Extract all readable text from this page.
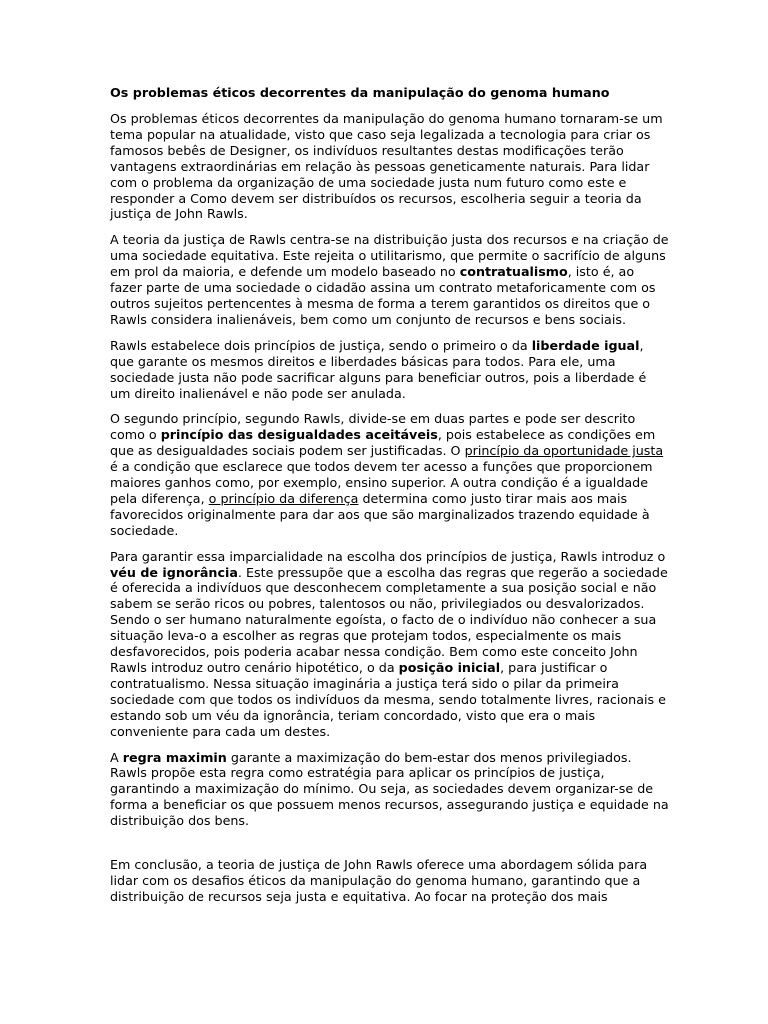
Os problemas éticos decorrentes da manipulação do genoma humano

Os problemas éticos decorrentes da manipulação do genoma humano tornaram-se um tema popular na atualidade, visto que caso seja legalizada a tecnologia para criar os famosos bebês de Designer, os indivíduos resultantes destas modificações terão vantagens extraordinárias em relação às pessoas geneticamente naturais. Para lidar com o problema da organização de uma sociedade justa num futuro como este e responder a Como devem ser distribuídos os recursos, escolheria seguir a teoria da justiça de John Rawls.

A teoria da justiça de Rawls centra-se na distribuição justa dos recursos e na criação de uma sociedade equitativa. Este rejeita o utilitarismo, que permite o sacrifício de alguns em prol da maioria, e defende um modelo baseado no contratualismo, isto é, ao fazer parte de uma sociedade o cidadão assina um contrato metaforicamente com os outros sujeitos pertencentes à mesma de forma a terem garantidos os direitos que o Rawls considera inalienáveis, bem como um conjunto de recursos e bens sociais.

Rawls estabelece dois princípios de justiça, sendo o primeiro o da liberdade igual, que garante os mesmos direitos e liberdades básicas para todos. Para ele, uma sociedade justa não pode sacrificar alguns para beneficiar outros, pois a liberdade é um direito inalienável e não pode ser anulada.

O segundo princípio, segundo Rawls, divide-se em duas partes e pode ser descrito como o princípio das desigualdades aceitáveis, pois estabelece as condições em que as desigualdades sociais podem ser justificadas. O princípio da oportunidade justa é a condição que esclarece que todos devem ter acesso a funções que proporcionem maiores ganhos como, por exemplo, ensino superior. A outra condição é a igualdade pela diferença, o princípio da diferença determina como justo tirar mais aos mais favorecidos originalmente para dar aos que são marginalizados trazendo equidade à sociedade.

Para garantir essa imparcialidade na escolha dos princípios de justiça, Rawls introduz o véu de ignorância. Este pressupõe que a escolha das regras que regerão a sociedade é oferecida a indivíduos que desconhecem completamente a sua posição social e não sabem se serão ricos ou pobres, talentosos ou não, privilegiados ou desvalorizados. Sendo o ser humano naturalmente egoísta, o facto de o indivíduo não conhecer a sua situação leva-o a escolher as regras que protejam todos, especialmente os mais desfavorecidos, pois poderia acabar nessa condição. Bem como este conceito John Rawls introduz outro cenário hipotético, o da posição inicial, para justificar o contratualismo. Nessa situação imaginária a justiça terá sido o pilar da primeira sociedade com que todos os indivíduos da mesma, sendo totalmente livres, racionais e estando sob um véu da ignorância, teriam concordado, visto que era o mais conveniente para cada um destes.

A regra maximin garante a maximização do bem-estar dos menos privilegiados. Rawls propõe esta regra como estratégia para aplicar os princípios de justiça, garantindo a maximização do mínimo. Ou seja, as sociedades devem organizar-se de forma a beneficiar os que possuem menos recursos, assegurando justiça e equidade na distribuição dos bens.

Em conclusão, a teoria de justiça de John Rawls oferece uma abordagem sólida para lidar com os desafios éticos da manipulação do genoma humano, garantindo que a distribuição de recursos seja justa e equitativa. Ao focar na proteção dos mais
